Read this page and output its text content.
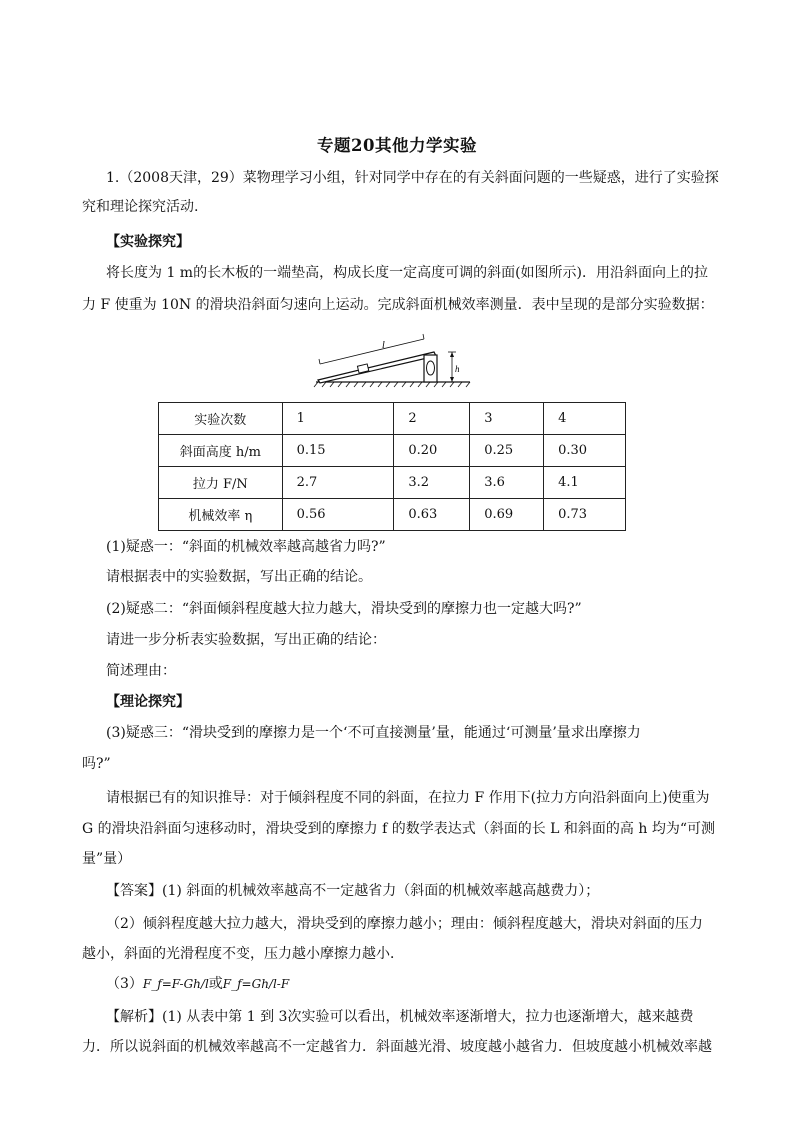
专题20其他力学实验
1.（2008天津，29）菜物理学习小组，针对同学中存在的有关斜面问题的一些疑惑，进行了实验探
究和理论探究活动.
【实验探究】
将长度为 1 m的长木板的一端垫高，构成长度一定高度可调的斜面(如图所示)．用沿斜面向上的拉
力 F 使重为 10N 的滑块沿斜面匀速向上运动。完成斜面机械效率测量．表中呈现的是部分实验数据：
l
h
实验次数	1	2	3	4
斜面高度 h/m	0.15	0.20	0.25	0.30
拉力 F/N	2.7	3.2	3.6	4.1
机械效率 η	0.56	0.63	0.69	0.73
(1)疑惑一：“斜面的机械效率越高越省力吗?”
请根据表中的实验数据，写出正确的结论。
(2)疑惑二：“斜面倾斜程度越大拉力越大，滑块受到的摩擦力也一定越大吗?”
请进一步分析表实验数据，写出正确的结论：
简述理由：
【理论探究】
(3)疑惑三：“滑块受到的摩擦力是一个‘不可直接测量’量，能通过‘可测量’量求出摩擦力
吗?”
请根据已有的知识推导：对于倾斜程度不同的斜面，在拉力 F 作用下(拉力方向沿斜面向上)使重为
G 的滑块沿斜面匀速移动时，滑块受到的摩擦力 f 的数学表达式（斜面的长 L 和斜面的高 h 均为“可测
量”量）
【答案】(1) 斜面的机械效率越高不一定越省力（斜面的机械效率越高越费力）；
（2）倾斜程度越大拉力越大，滑块受到的摩擦力越小；理由：倾斜程度越大，滑块对斜面的压力
越小，斜面的光滑程度不变，压力越小摩擦力越小．
（3）F_f=F-Gh/l或F_f=Gh/l-F
【解析】(1) 从表中第 1 到 3次实验可以看出，机械效率逐渐增大，拉力也逐渐增大，越来越费
力．所以说斜面的机械效率越高不一定越省力．斜面越光滑、坡度越小越省力．但坡度越小机械效率越
